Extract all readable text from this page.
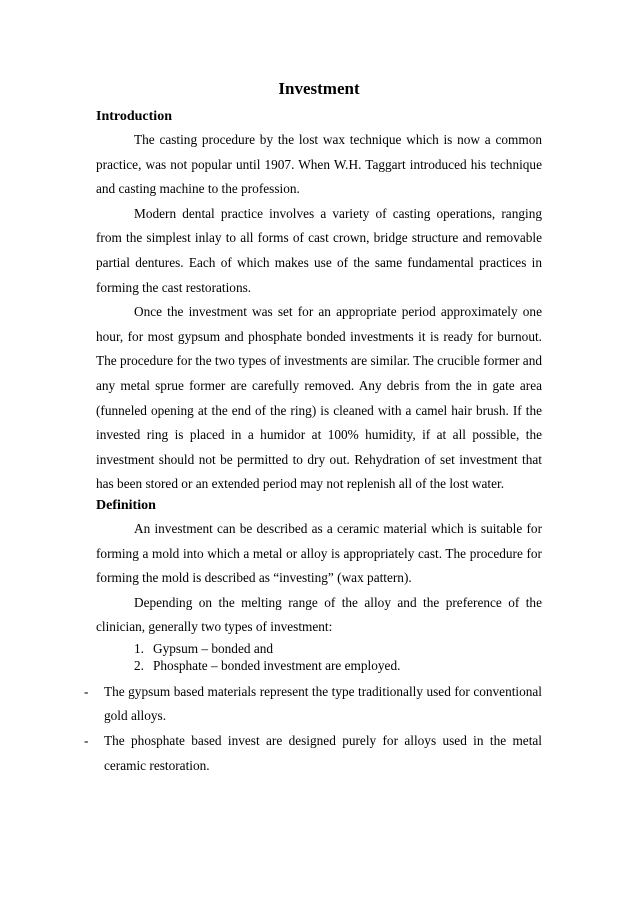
Investment
Introduction

The casting procedure by the lost wax technique which is now a common practice, was not popular until 1907. When W.H. Taggart introduced his technique and casting machine to the profession.

Modern dental practice involves a variety of casting operations, ranging from the simplest inlay to all forms of cast crown, bridge structure and removable partial dentures. Each of which makes use of the same fundamental practices in forming the cast restorations.

Once the investment was set for an appropriate period approximately one hour, for most gypsum and phosphate bonded investments it is ready for burnout. The procedure for the two types of investments are similar. The crucible former and any metal sprue former are carefully removed. Any debris from the in gate area (funneled opening at the end of the ring) is cleaned with a camel hair brush. If the invested ring is placed in a humidor at 100% humidity, if at all possible, the investment should not be permitted to dry out. Rehydration of set investment that has been stored or an extended period may not replenish all of the lost water.

Definition

An investment can be described as a ceramic material which is suitable for forming a mold into which a metal or alloy is appropriately cast. The procedure for forming the mold is described as “investing” (wax pattern).

Depending on the melting range of the alloy and the preference of the clinician, generally two types of investment:

1. Gypsum – bonded and
2. Phosphate – bonded investment are employed.
- The gypsum based materials represent the type traditionally used for conventional gold alloys.
- The phosphate based invest are designed purely for alloys used in the metal ceramic restoration.
